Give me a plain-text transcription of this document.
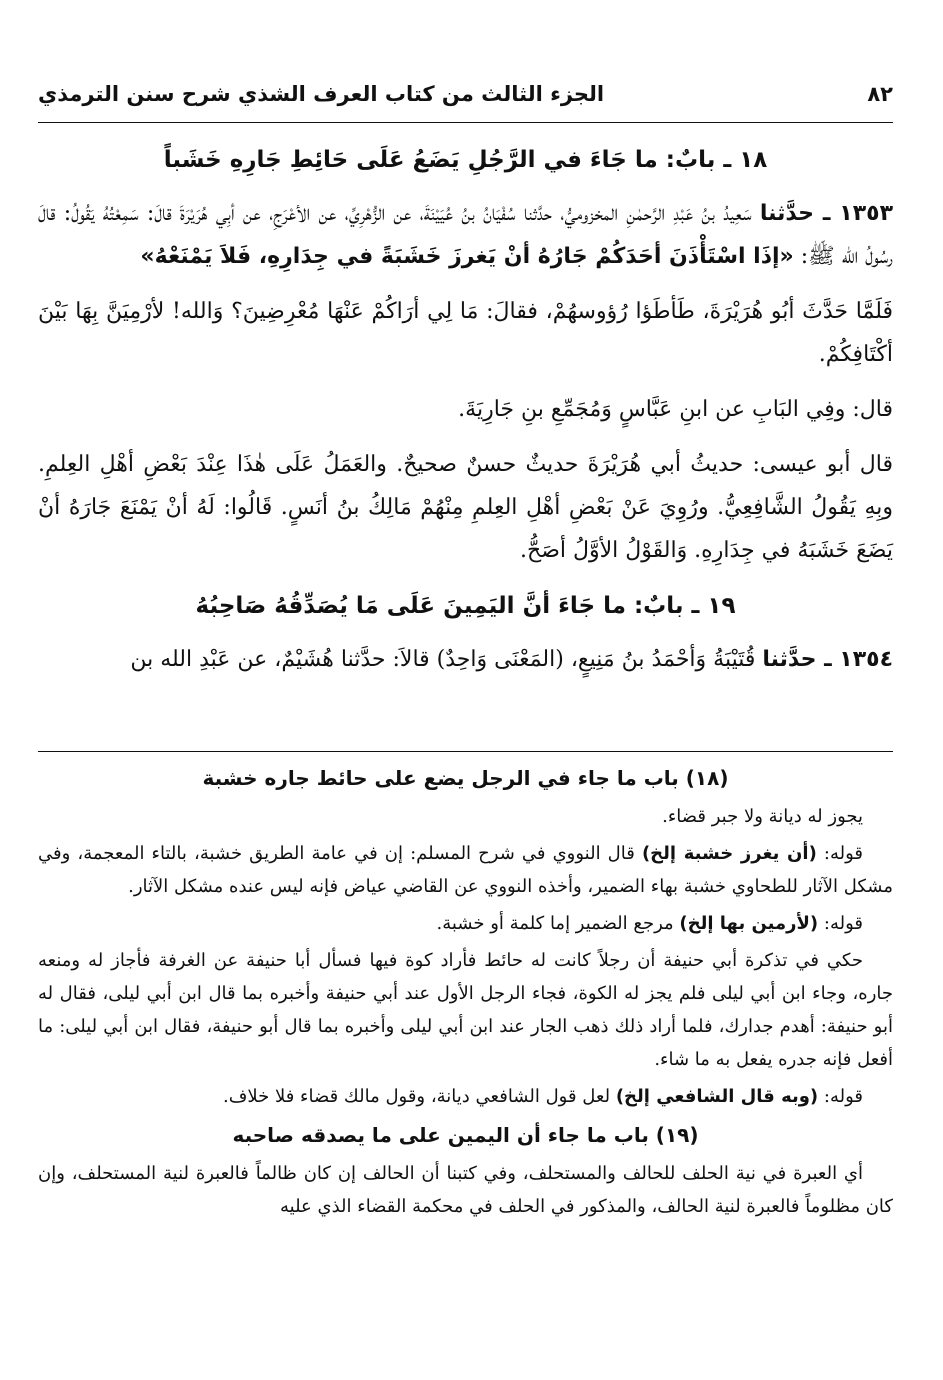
٨٢
الجزء الثالث من كتاب العرف الشذي شرح سنن الترمذي
١٨ ـ بابٌ: ما جَاءَ في الرَّجُلِ يَضَعُ عَلَى حَائِطِ جَارِهِ خَشَباً

١٣٥٣ ـ حدَّثنا سَعِيدُ بنُ عَبْدِ الرَّحمٰنِ المخزوميُّ، حدَّثنا سُفْيَانُ بنُ عُيَيْنَةَ، عن الزُّهْرِيِّ، عن الأعْرَجِ، عن أبِي هُرَيْرَةَ قالَ: سَمِعْتُهُ يَقُولُ: قالَ رسُولُ الله ﷺ: «إذَا اسْتَأْذَنَ أحَدَكُمْ جَارُهُ أنْ يَغرزَ خَشَبَةً في جِدَارِهِ، فَلاَ يَمْنَعْهُ»

فَلَمَّا حَدَّثَ أبُو هُرَيْرَةَ، طَأطَؤا رُؤوسهُمْ، فقالَ: مَا لِي أرَاكُمْ عَنْهَا مُعْرِضِينَ؟ وَالله! لأرْمِيَنَّ بِهَا بَيْنَ أكْتَافِكُمْ.

قال: وفِي البَابِ عن ابنِ عَبَّاسٍ وَمُجَمِّعِ بنِ جَارِيَةَ.

قال أبو عيسى: حديثُ أبي هُرَيْرَةَ حديثٌ حسنٌ صحيحٌ. والعَمَلُ عَلَى هٰذَا عِنْدَ بَعْضِ أهْلِ العِلمِ. وبِهِ يَقُولُ الشَّافِعِيُّ. ورُوِيَ عَنْ بَعْضِ أهْلِ العِلمِ مِنْهُمْ مَالِكُ بنُ أنَسٍ. قَالُوا: لَهُ أنْ يَمْنَعَ جَارَهُ أنْ يَضَعَ خَشَبَهُ في جِدَارِهِ. وَالقَوْلُ الأوَّلُ أصَحُّ.

١٩ ـ بابٌ: ما جَاءَ أنَّ اليَمِينَ عَلَى مَا يُصَدِّقُهُ صَاحِبُهُ

١٣٥٤ ـ حدَّثنا قُتَيْبَةُ وَأحْمَدُ بنُ مَنِيعٍ، (المَعْنَى وَاحِدٌ) قالاَ: حدَّثنا هُشَيْمٌ، عن عَبْدِ الله بن

(١٨) باب ما جاء في الرجل يضع على حائط جاره خشبة

يجوز له ديانة ولا جبر قضاء.

قوله: (أن يغرز خشبة إلخ) قال النووي في شرح المسلم: إن في عامة الطريق خشبة، بالتاء المعجمة، وفي مشكل الآثار للطحاوي خشبة بهاء الضمير، وأخذه النووي عن القاضي عياض فإنه ليس عنده مشكل الآثار.

قوله: (لأرمين بها إلخ) مرجع الضمير إما كلمة أو خشبة.

حكي في تذكرة أبي حنيفة أن رجلاً كانت له حائط فأراد كوة فيها فسأل أبا حنيفة عن الغرفة فأجاز له ومنعه جاره، وجاء ابن أبي ليلى فلم يجز له الكوة، فجاء الرجل الأول عند أبي حنيفة وأخبره بما قال ابن أبي ليلى، فقال له أبو حنيفة: أهدم جدارك، فلما أراد ذلك ذهب الجار عند ابن أبي ليلى وأخبره بما قال أبو حنيفة، فقال ابن أبي ليلى: ما أفعل فإنه جدره يفعل به ما شاء.

قوله: (وبه قال الشافعي إلخ) لعل قول الشافعي ديانة، وقول مالك قضاء فلا خلاف.

(١٩) باب ما جاء أن اليمين على ما يصدقه صاحبه

أي العبرة في نية الحلف للحالف والمستحلف، وفي كتبنا أن الحالف إن كان ظالماً فالعبرة لنية المستحلف، وإن كان مظلوماً فالعبرة لنية الحالف، والمذكور في الحلف في محكمة القضاء الذي عليه
